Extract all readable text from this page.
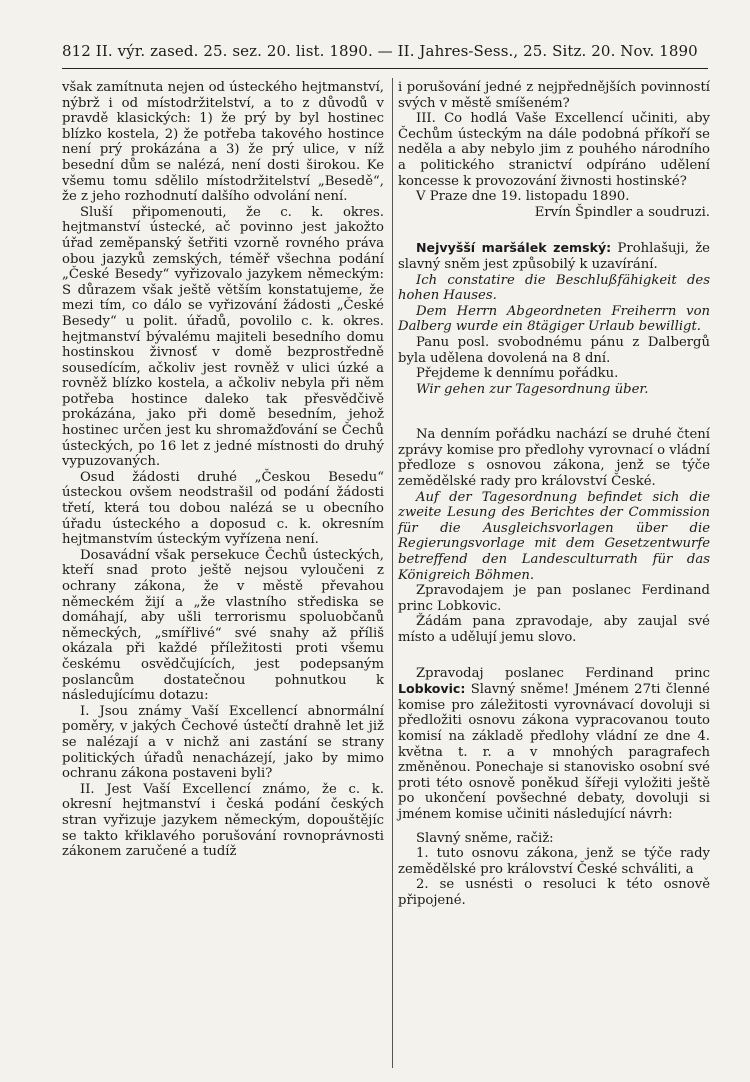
812 II. výr. zased. 25. sez. 20. list. 1890. — II. Jahres-Sess., 25. Sitz. 20. Nov. 1890

však zamítnuta nejen od ústeckého hejtmanství, nýbrž i od místodržitelství, a to z důvodů v pravdě klasických: 1) že prý by byl hostinec blízko kostela, 2) že potřeba takového hostince není prý prokázána a 3) že prý ulice, v níž besední dům se nalézá, není dosti širokou. Ke všemu tomu sdělilo místodržitelství „Besedě“, že z jeho rozhodnutí dalšího odvolání není.

Sluší připomenouti, že c. k. okres. hejtmanství ústecké, ač povinno jest jakožto úřad zeměpanský šetřiti vzorně rovného práva obou jazyků zemských, téměř všechna podání „České Besedy“ vyřizovalo jazykem německým: S důrazem však ještě větším konstatujeme, že mezi tím, co dálo se vyřizování žádosti „České Besedy“ u polit. úřadů, povolilo c. k. okres. hejtmanství bývalému majiteli besedního domu hostinskou živnosť v domě bezprostředně sousedícím, ačkoliv jest rovněž v ulici úzké a rovněž blízko kostela, a ačkoliv nebyla při něm potřeba hostince daleko tak přesvědčivě prokázána, jako při domě besedním, jehož hostinec určen jest ku shromažďování se Čechů ústeckých, po 16 let z jedné místnosti do druhý vypuzovaných.

Osud žádosti druhé „Českou Besedu“ ústeckou ovšem neodstrašil od podání žádosti třetí, která tou dobou nalézá se u obecního úřadu ústeckého a doposud c. k. okresním hejtmanstvím ústeckým vyřízena není.

Dosavádní však persekuce Čechů ústeckých, kteří snad proto ještě nejsou vyloučeni z ochrany zákona, že v městě převahou německém žijí a „že vlastního střediska se domáhají, aby ušli terrorismu spoluobčanů německých, „smířlivé“ své snahy až příliš okázala při každé příležitosti proti všemu českému osvědčujících, jest podepsaným poslancům dostatečnou pohnutkou k následujícímu dotazu:

I. Jsou známy Vaší Excellencí abnormální poměry, v jakých Čechové ústečtí drahně let již se nalézají a v nichž ani zastání se strany politických úřadů nenacházejí, jako by mimo ochranu zákona postaveni byli?

II. Jest Vaší Excellencí známo, že c. k. okresní hejtmanství i česká podání českých stran vyřizuje jazykem německým, dopouštějíc se takto křiklavého porušování rovnoprávnosti zákonem zaručené a tudíž

i porušování jedné z nejpřednějších povinností svých v městě smíšeném?

III. Co hodlá Vaše Excellencí učiniti, aby Čechům ústeckým na dále podobná příkoří se neděla a aby nebylo jim z pouhého národního a politického stranictví odpíráno udělení koncesse k provozování živnosti hostinské?

V Praze dne 19. listopadu 1890.

Ervín Špindler a soudruzi.

Nejvyšší maršálek zemský: Prohlašuji, že slavný sněm jest způsobilý k uzavírání.

Ich constatire die Beschlußfähigkeit des hohen Hauses.

Dem Herrn Abgeordneten Freiherrn von Dalberg wurde ein 8tägiger Urlaub bewilligt.

Panu posl. svobodnému pánu z Dalbergů byla udělena dovolená na 8 dní.

Přejdeme k dennímu pořádku.

Wir gehen zur Tagesordnung über.

Na denním pořádku nachází se druhé čtení zprávy komise pro předlohy vyrovnací o vládní předloze s osnovou zákona, jenž se týče zemědělské rady pro království České.

Auf der Tagesordnung befindet sich die zweite Lesung des Berichtes der Commission für die Ausgleichsvorlagen über die Regierungsvorlage mit dem Gesetzentwurfe betreffend den Landesculturrath für das Königreich Böhmen.

Zpravodajem je pan poslanec Ferdinand princ Lobkovic.

Žádám pana zpravodaje, aby zaujal své místo a udělují jemu slovo.

Zpravodaj poslanec Ferdinand princ Lobkovic: Slavný sněme! Jménem 27ti členné komise pro záležitosti vyrovnávací dovoluji si předložiti osnovu zákona vypracovanou touto komisí na základě předlohy vládní ze dne 4. května t. r. a v mnohých paragrafech změněnou. Ponechaje si stanovisko osobní své proti této osnově poněkud šířeji vyložiti ještě po ukončení povšechné debaty, dovoluji si jménem komise učiniti následující návrh:

Slavný sněme, račiž:

1. tuto osnovu zákona, jenž se týče rady zemědělské pro království České schváliti, a

2. se usnésti o resoluci k této osnově připojené.
